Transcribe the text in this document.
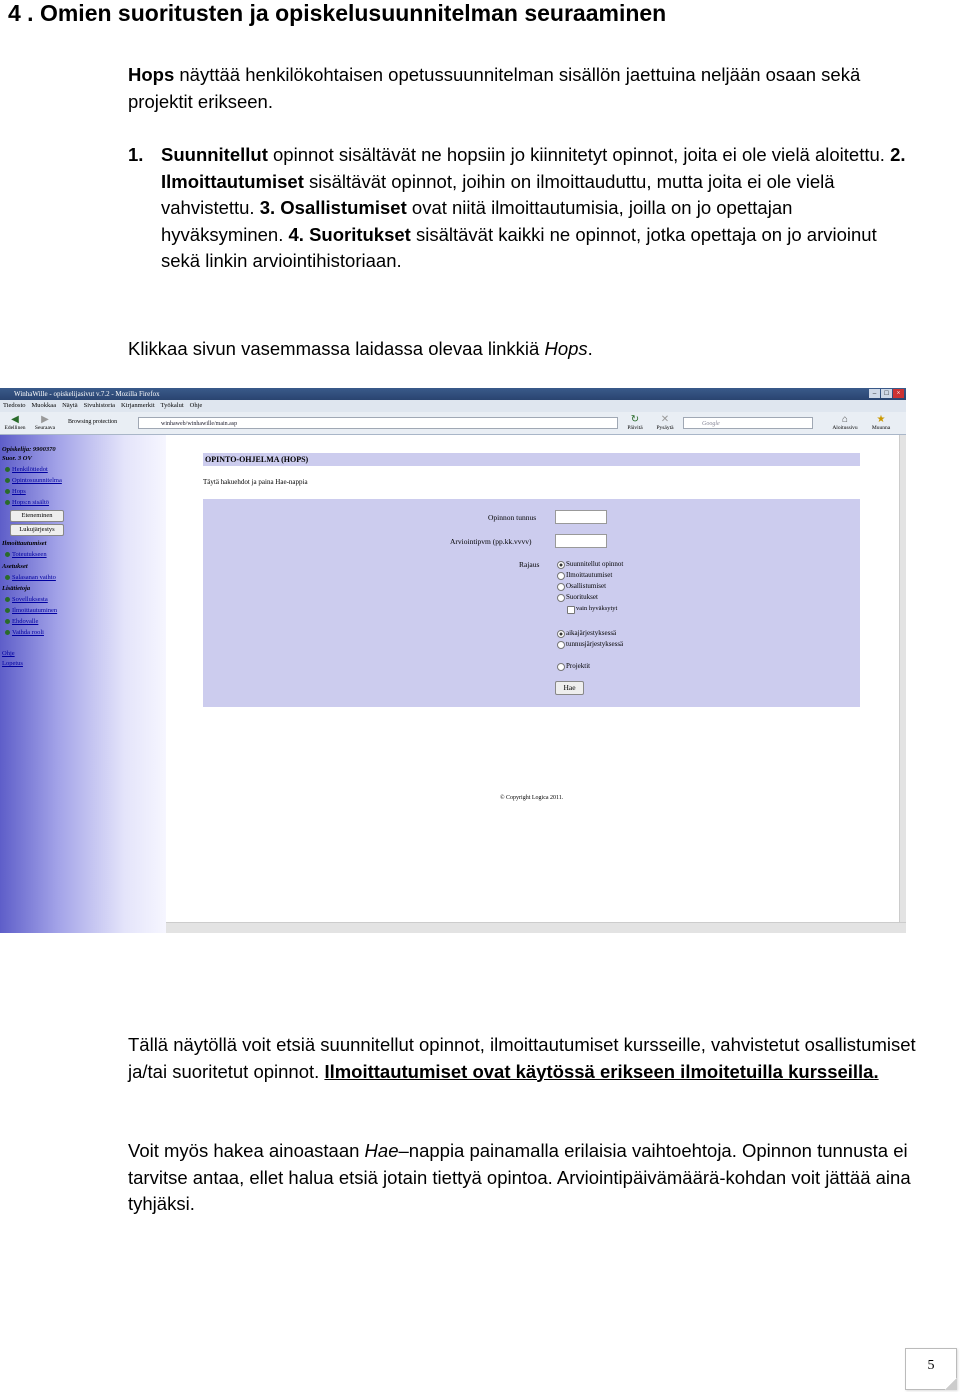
4 . Omien suoritusten ja opiskelusuunnitelman seuraaminen

Hops näyttää henkilökohtaisen opetussuunnitelman sisällön jaettuina neljään osaan sekä projektit erikseen.

1. Suunnitellut opinnot sisältävät ne hopsiin jo kiinnitetyt opinnot, joita ei ole vielä aloitettu. 2. Ilmoittautumiset sisältävät opinnot, joihin on ilmoittauduttu, mutta joita ei ole vielä vahvistettu. 3. Osallistumiset ovat niitä ilmoittautumisia, joilla on jo opettajan hyväksyminen. 4. Suoritukset sisältävät kaikki ne opinnot, jotka opettaja on jo arvioinut sekä linkin arviointihistoriaan.

Klikkaa sivun vasemmassa laidassa olevaa linkkiä Hops.

WinhaWille - opiskelijasivut v.7.2 - Mozilla Firefox	–	□	×
Tiedosto Muokkaa Näytä Sivuhistoria Kirjanmerkit Työkalut Ohje
◀
Edellinen
▶
Seuraava
Browsing protection	winhaweb/winhawille/main.asp	↻
Päivitä
✕
Pysäytä
Google	⌂
Aloitussivu
★
Muunna
Opiskelija: 9900370
Suor. 3 OV
Henkilötiedot
Opintosuunnitelma
Hops
Hops:n sisältö
Eteneminen
Lukujärjestys
Ilmoittautumiset
Toteutukseen
Asetukset
Salasanan vaihto
Lisätietoja
Sovelluksesta
Ilmoittautuminen
Ehdovalle
Vaihda rooli
Ohje
Lopetus
OPINTO-OHJELMA (HOPS)
Täytä hakuehdot ja paina Hae-nappia
Opinnon tunnus
Arviointipvm (pp.kk.vvvv)
Rajaus	Suunnitellut opinnot
Ilmoittautumiset
Osallistumiset
Suoritukset
vain hyväksytyt
aikajärjestyksessä
tunnusjärjestyksessä
Projektit
Hae
© Copyright Logica 2011.

Tällä näytöllä voit etsiä suunnitellut opinnot, ilmoittautumiset kursseille, vahvistetut osallistumiset ja/tai suoritetut opinnot. Ilmoittautumiset ovat käytössä erikseen ilmoitetuilla kursseilla.

Voit myös hakea ainoastaan Hae–nappia painamalla erilaisia vaihtoehtoja. Opinnon tunnusta ei tarvitse antaa, ellet halua etsiä jotain tiettyä opintoa. Arviointipäivämäärä-kohdan voit jättää aina tyhjäksi.

5
